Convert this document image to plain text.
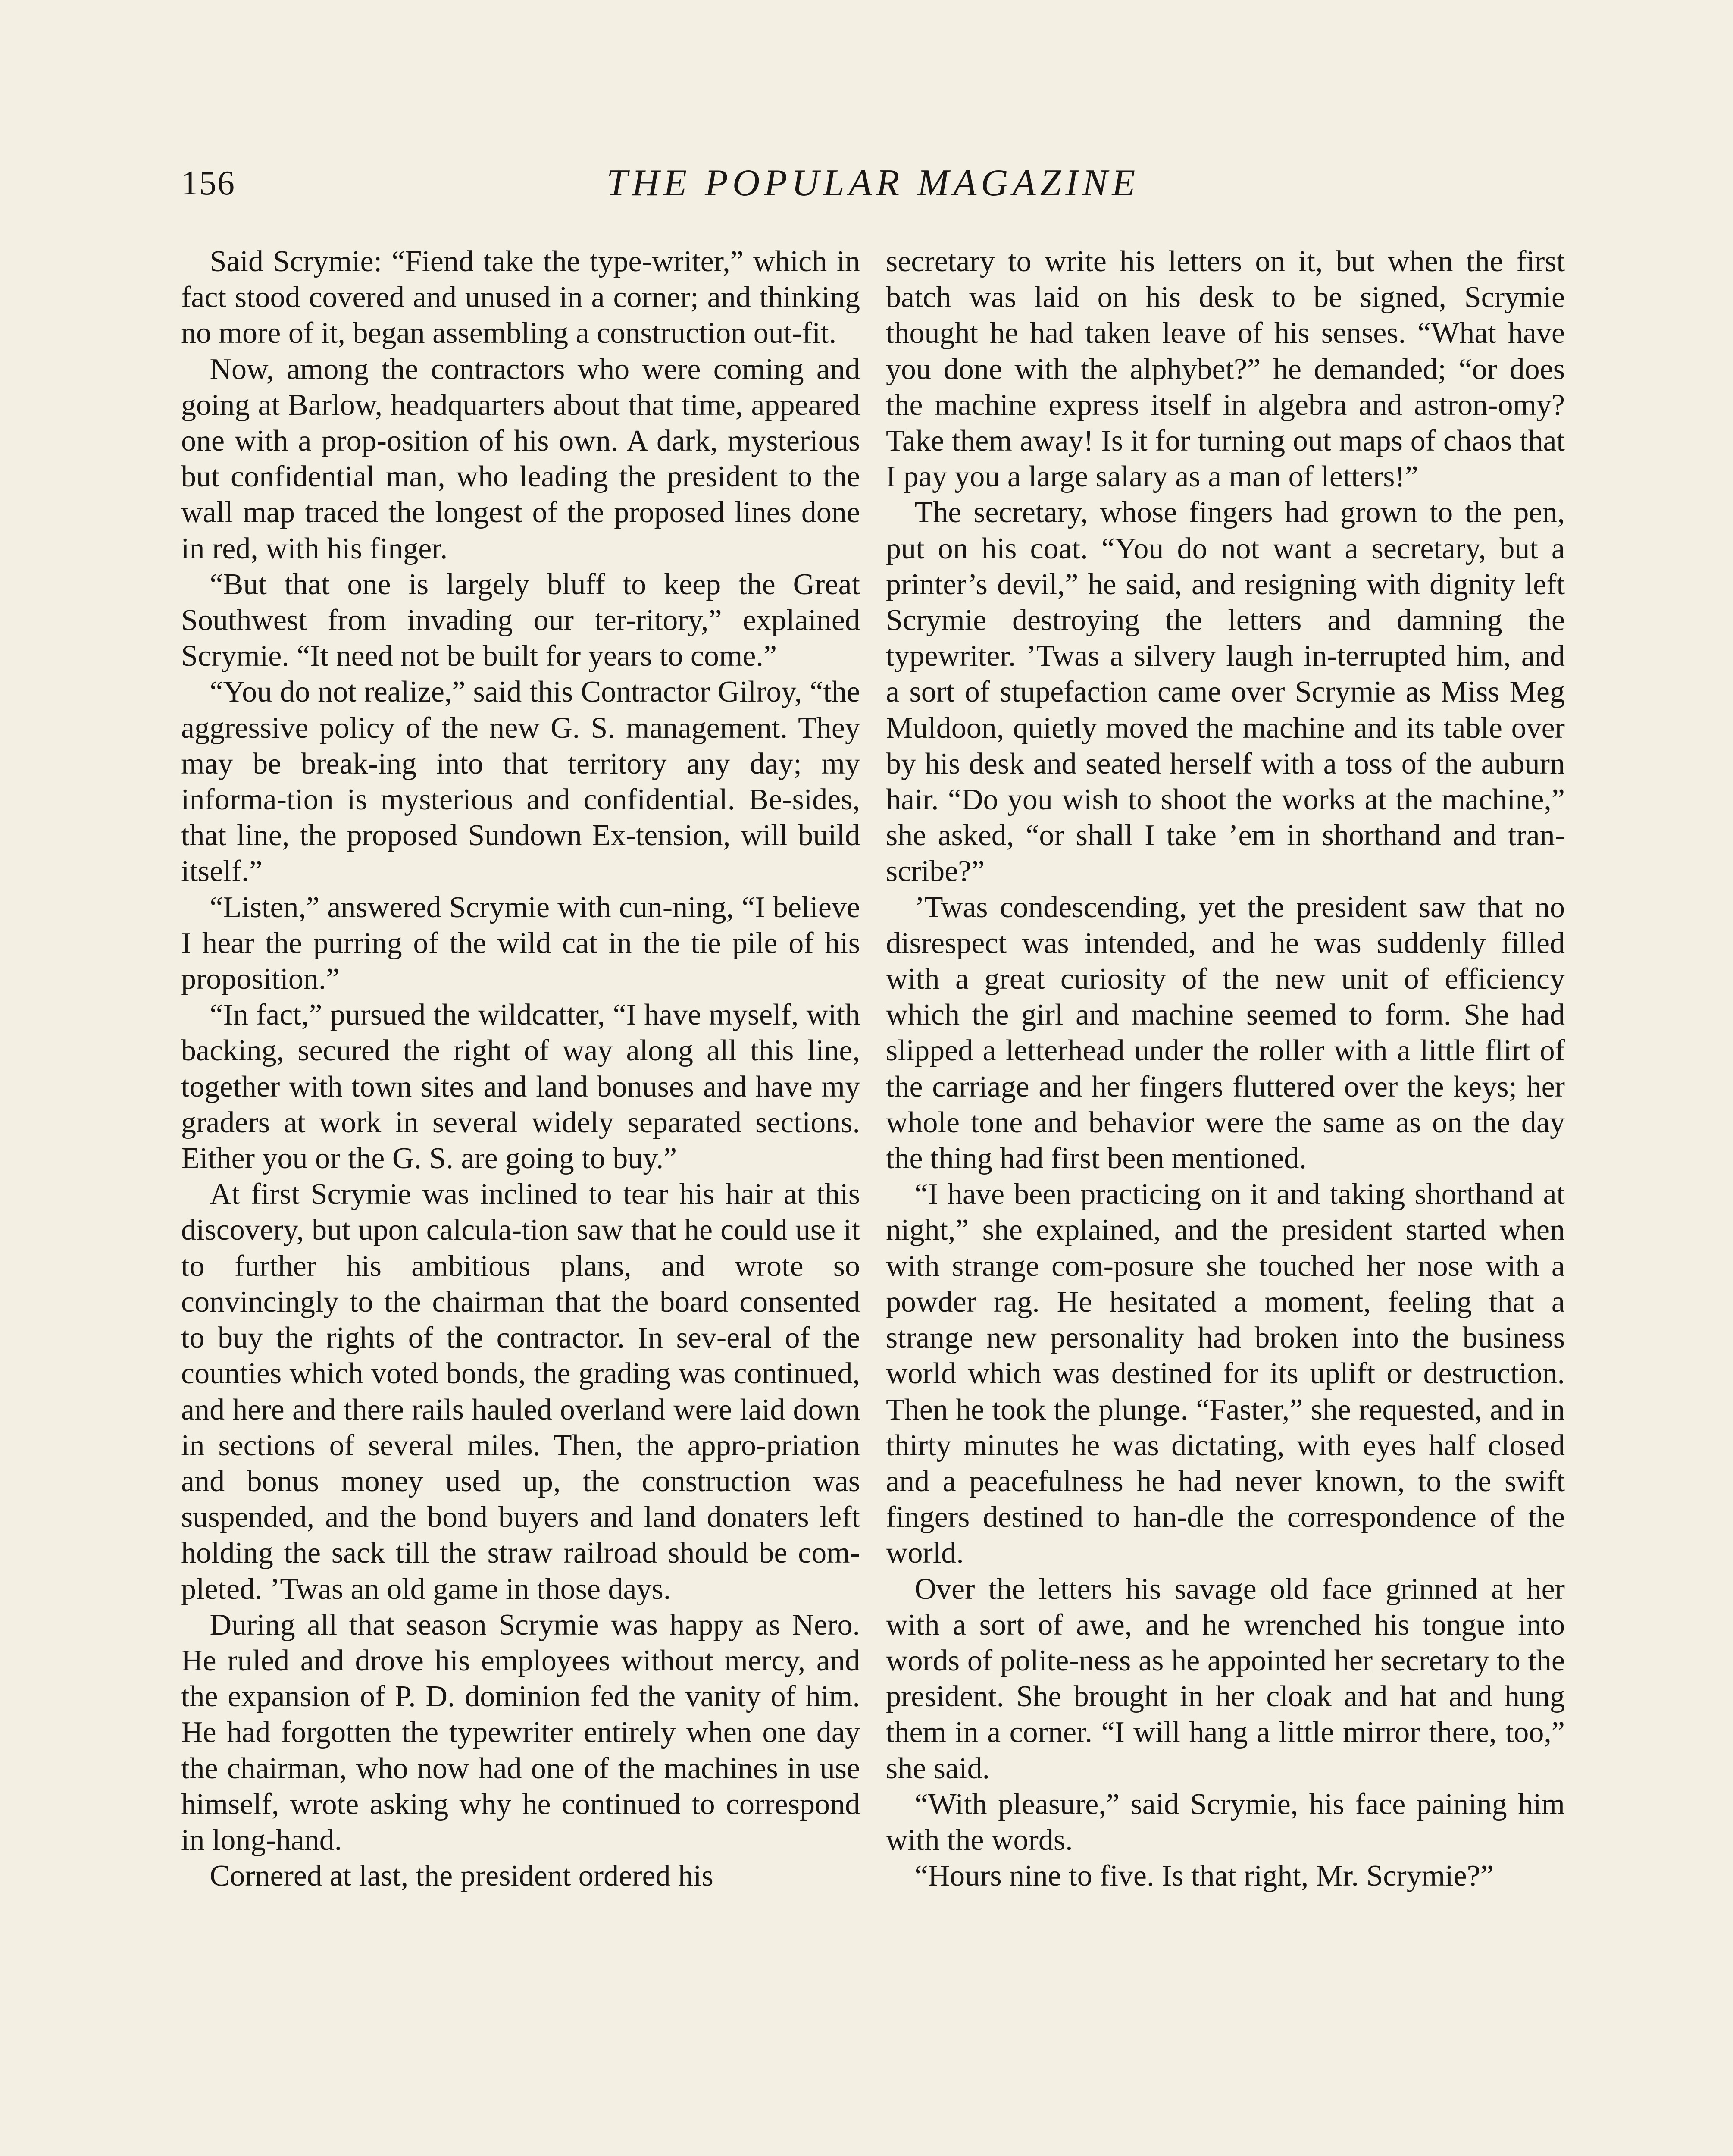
156	THE POPULAR MAGAZINE

Said Scrymie: “Fiend take the type-writer,” which in fact stood covered and unused in a corner; and thinking no more of it, began assembling a construction out-fit.

Now, among the contractors who were coming and going at Barlow, headquarters about that time, appeared one with a prop-osition of his own. A dark, mysterious but confidential man, who leading the president to the wall map traced the longest of the proposed lines done in red, with his finger.

“But that one is largely bluff to keep the Great Southwest from invading our ter-ritory,” explained Scrymie. “It need not be built for years to come.”

“You do not realize,” said this Contractor Gilroy, “the aggressive policy of the new G. S. management. They may be break-ing into that territory any day; my informa-tion is mysterious and confidential. Be-sides, that line, the proposed Sundown Ex-tension, will build itself.”

“Listen,” answered Scrymie with cun-ning, “I believe I hear the purring of the wild cat in the tie pile of his proposition.”

“In fact,” pursued the wildcatter, “I have myself, with backing, secured the right of way along all this line, together with town sites and land bonuses and have my graders at work in several widely separated sections. Either you or the G. S. are going to buy.”

At first Scrymie was inclined to tear his hair at this discovery, but upon calcula-tion saw that he could use it to further his ambitious plans, and wrote so convincingly to the chairman that the board consented to buy the rights of the contractor. In sev-eral of the counties which voted bonds, the grading was continued, and here and there rails hauled overland were laid down in sections of several miles. Then, the appro-priation and bonus money used up, the construction was suspended, and the bond buyers and land donaters left holding the sack till the straw railroad should be com-pleted. ’Twas an old game in those days.

During all that season Scrymie was happy as Nero. He ruled and drove his employees without mercy, and the expansion of P. D. dominion fed the vanity of him. He had forgotten the typewriter entirely when one day the chairman, who now had one of the machines in use himself, wrote asking why he continued to correspond in long-hand.

Cornered at last, the president ordered his

secretary to write his letters on it, but when the first batch was laid on his desk to be signed, Scrymie thought he had taken leave of his senses. “What have you done with the alphybet?” he demanded; “or does the machine express itself in algebra and astron-omy? Take them away! Is it for turning out maps of chaos that I pay you a large salary as a man of letters!”

The secretary, whose fingers had grown to the pen, put on his coat. “You do not want a secretary, but a printer’s devil,” he said, and resigning with dignity left Scrymie destroying the letters and damning the typewriter. ’Twas a silvery laugh in-terrupted him, and a sort of stupefaction came over Scrymie as Miss Meg Muldoon, quietly moved the machine and its table over by his desk and seated herself with a toss of the auburn hair. “Do you wish to shoot the works at the machine,” she asked, “or shall I take ’em in shorthand and tran-scribe?”

’Twas condescending, yet the president saw that no disrespect was intended, and he was suddenly filled with a great curiosity of the new unit of efficiency which the girl and machine seemed to form. She had slipped a letterhead under the roller with a little flirt of the carriage and her fingers fluttered over the keys; her whole tone and behavior were the same as on the day the thing had first been mentioned.

“I have been practicing on it and taking shorthand at night,” she explained, and the president started when with strange com-posure she touched her nose with a powder rag. He hesitated a moment, feeling that a strange new personality had broken into the business world which was destined for its uplift or destruction. Then he took the plunge. “Faster,” she requested, and in thirty minutes he was dictating, with eyes half closed and a peacefulness he had never known, to the swift fingers destined to han-dle the correspondence of the world.

Over the letters his savage old face grinned at her with a sort of awe, and he wrenched his tongue into words of polite-ness as he appointed her secretary to the president. She brought in her cloak and hat and hung them in a corner. “I will hang a little mirror there, too,” she said.

“With pleasure,” said Scrymie, his face paining him with the words.

“Hours nine to five. Is that right, Mr. Scrymie?”
